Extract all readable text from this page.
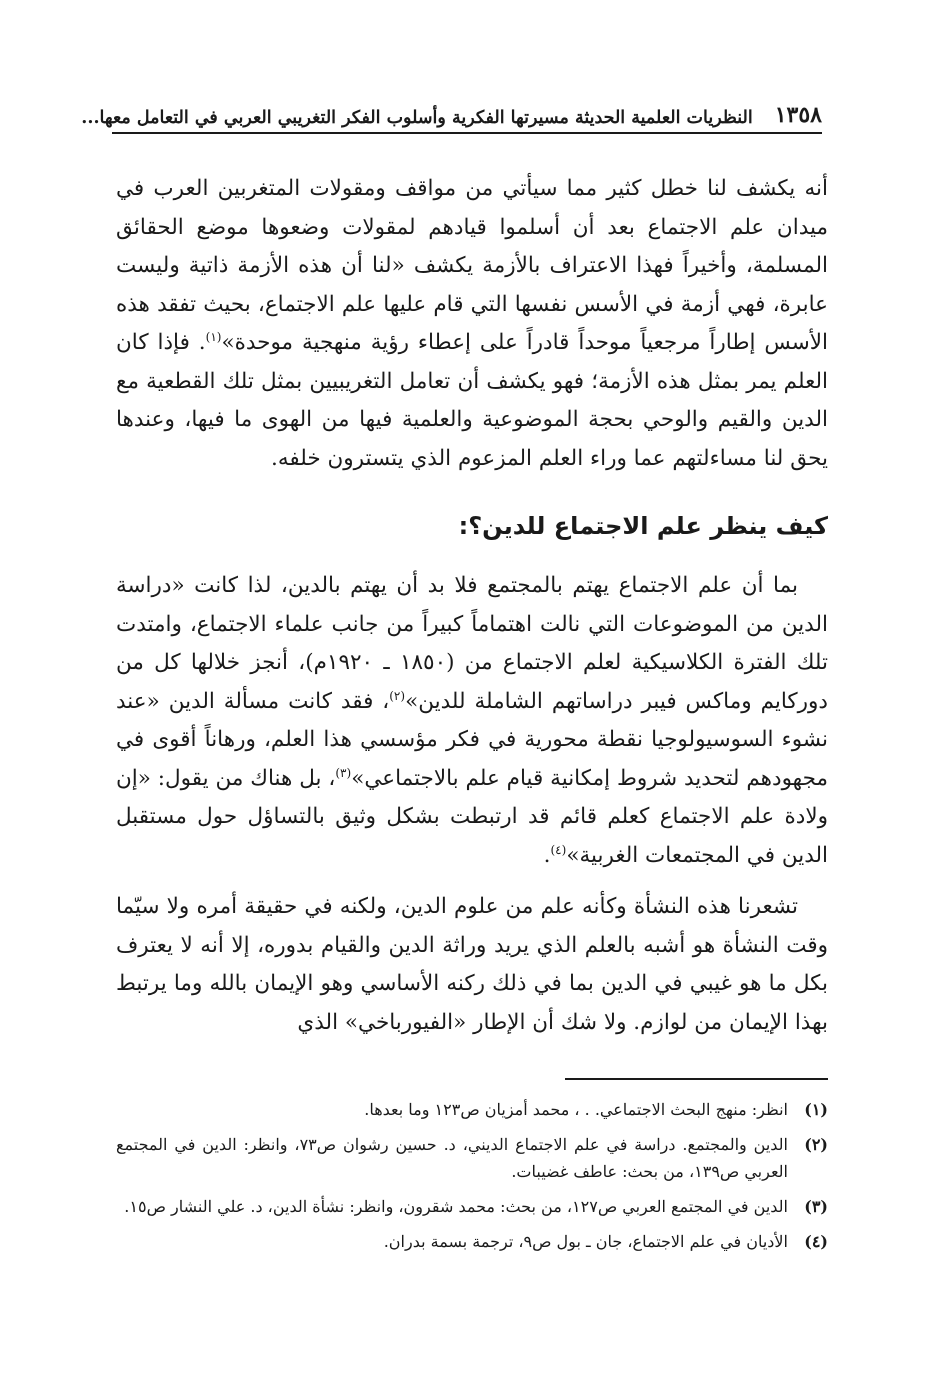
١٣٥٨
النظريات العلمية الحديثة مسيرتها الفكرية وأسلوب الفكر التغريبي العربي في التعامل معها...

أنه يكشف لنا خطل كثير مما سيأتي من مواقف ومقولات المتغربين العرب في ميدان علم الاجتماع بعد أن أسلموا قيادهم لمقولات وضعوها موضع الحقائق المسلمة، وأخيراً فهذا الاعتراف بالأزمة يكشف «لنا أن هذه الأزمة ذاتية وليست عابرة، فهي أزمة في الأسس نفسها التي قام عليها علم الاجتماع، بحيث تفقد هذه الأسس إطاراً مرجعياً موحداً قادراً على إعطاء رؤية منهجية موحدة»$^{(١)}$. فإذا كان العلم يمر بمثل هذه الأزمة؛ فهو يكشف أن تعامل التغريبيين بمثل تلك القطعية مع الدين والقيم والوحي بحجة الموضوعية والعلمية فيها من الهوى ما فيها، وعندها يحق لنا مساءلتهم عما وراء العلم المزعوم الذي يتسترون خلفه.

كيف ينظر علم الاجتماع للدين؟:

بما أن علم الاجتماع يهتم بالمجتمع فلا بد أن يهتم بالدين، لذا كانت «دراسة الدين من الموضوعات التي نالت اهتماماً كبيراً من جانب علماء الاجتماع، وامتدت تلك الفترة الكلاسيكية لعلم الاجتماع من (١٨٥٠ ـ ١٩٢٠م)، أنجز خلالها كل من دوركايم وماكس فيبر دراساتهم الشاملة للدين»$^{(٢)}$، فقد كانت مسألة الدين «عند نشوء السوسيولوجيا نقطة محورية في فكر مؤسسي هذا العلم، ورهاناً أقوى في مجهودهم لتحديد شروط إمكانية قيام علم بالاجتماعي»$^{(٣)}$، بل هناك من يقول: «إن ولادة علم الاجتماع كعلم قائم قد ارتبطت بشكل وثيق بالتساؤل حول مستقبل الدين في المجتمعات الغربية»$^{(٤)}$.

تشعرنا هذه النشأة وكأنه علم من علوم الدين، ولكنه في حقيقة أمره ولا سيّما وقت النشأة هو أشبه بالعلم الذي يريد وراثة الدين والقيام بدوره، إلا أنه لا يعترف بكل ما هو غيبي في الدين بما في ذلك ركنه الأساسي وهو الإيمان بالله وما يرتبط بهذا الإيمان من لوازم. ولا شك أن الإطار «الفيورباخي» الذي

(١)
انظر: منهج البحث الاجتماعي. . ، محمد أمزيان ص١٢٣ وما بعدها.
(٢)
الدين والمجتمع. دراسة في علم الاجتماع الديني، د. حسين رشوان ص٧٣، وانظر: الدين في المجتمع العربي ص١٣٩، من بحث: عاطف غضيبات.
(٣)
الدين في المجتمع العربي ص١٢٧، من بحث: محمد شقرون، وانظر: نشأة الدين، د. علي النشار ص١٥.
(٤)
الأديان في علم الاجتماع، جان ـ بول ص٩، ترجمة بسمة بدران.
